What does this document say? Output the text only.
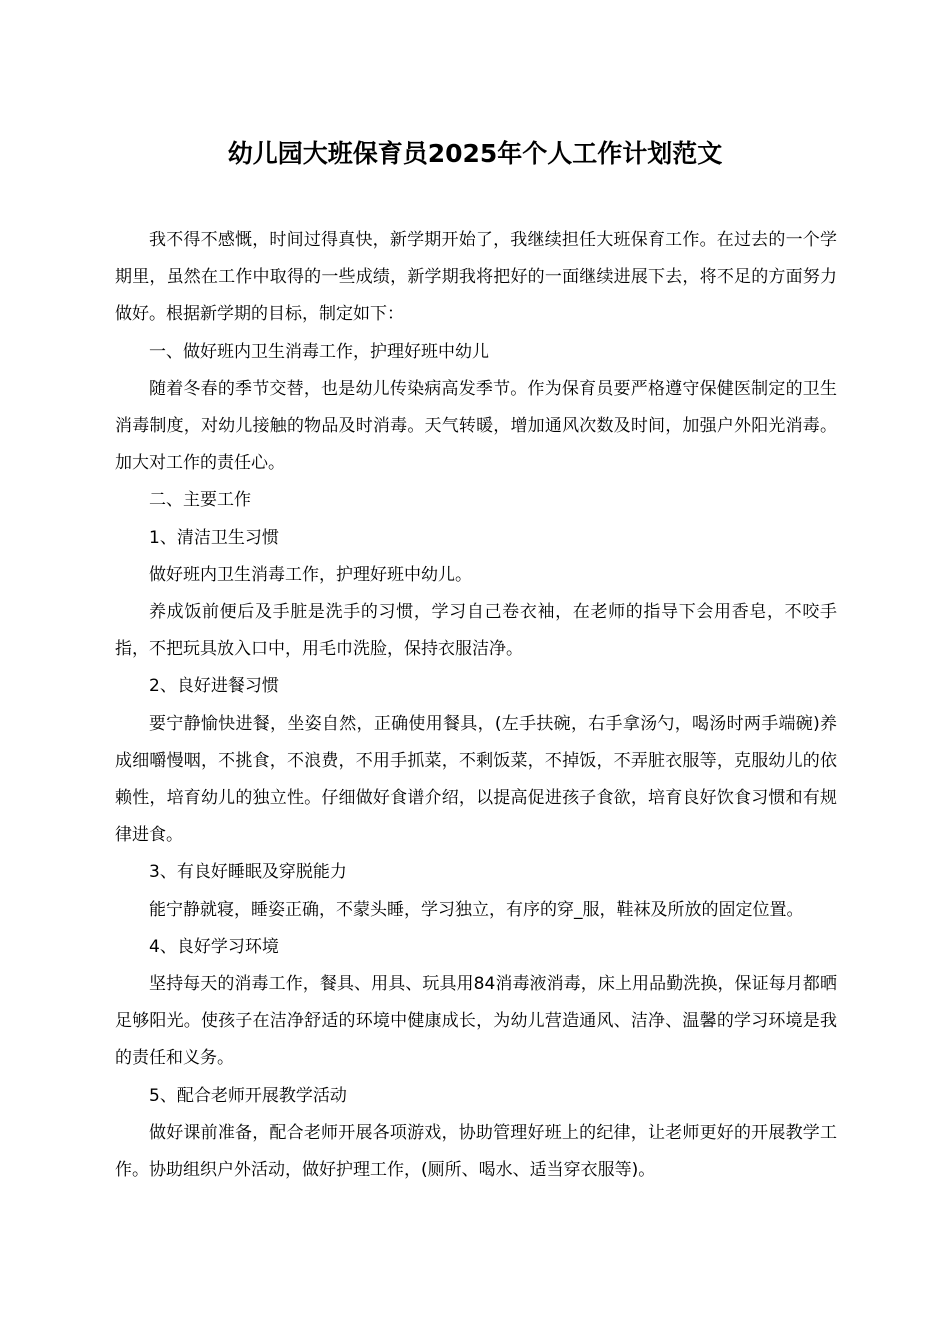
幼儿园大班保育员2025年个人工作计划范文

我不得不感慨，时间过得真快，新学期开始了，我继续担任大班保育工作。在过去的一个学期里，虽然在工作中取得的一些成绩，新学期我将把好的一面继续进展下去，将不足的方面努力做好。根据新学期的目标，制定如下：

一、做好班内卫生消毒工作，护理好班中幼儿

随着冬春的季节交替，也是幼儿传染病高发季节。作为保育员要严格遵守保健医制定的卫生消毒制度，对幼儿接触的物品及时消毒。天气转暖，增加通风次数及时间，加强户外阳光消毒。加大对工作的责任心。

二、主要工作

1、清洁卫生习惯

做好班内卫生消毒工作，护理好班中幼儿。

养成饭前便后及手脏是洗手的习惯，学习自己卷衣袖，在老师的指导下会用香皂，不咬手指，不把玩具放入口中，用毛巾洗脸，保持衣服洁净。

2、良好进餐习惯

要宁静愉快进餐，坐姿自然，正确使用餐具，(左手扶碗，右手拿汤勺，喝汤时两手端碗)养成细嚼慢咽，不挑食，不浪费，不用手抓菜，不剩饭菜，不掉饭，不弄脏衣服等，克服幼儿的依赖性，培育幼儿的独立性。仔细做好食谱介绍，以提高促进孩子食欲，培育良好饮食习惯和有规律进食。

3、有良好睡眠及穿脱能力

能宁静就寝，睡姿正确，不蒙头睡，学习独立，有序的穿_服，鞋袜及所放的固定位置。

4、良好学习环境

坚持每天的消毒工作，餐具、用具、玩具用84消毒液消毒，床上用品勤洗换，保证每月都晒足够阳光。使孩子在洁净舒适的环境中健康成长，为幼儿营造通风、洁净、温馨的学习环境是我的责任和义务。

5、配合老师开展教学活动

做好课前准备，配合老师开展各项游戏，协助管理好班上的纪律，让老师更好的开展教学工作。协助组织户外活动，做好护理工作，(厕所、喝水、适当穿衣服等)。
